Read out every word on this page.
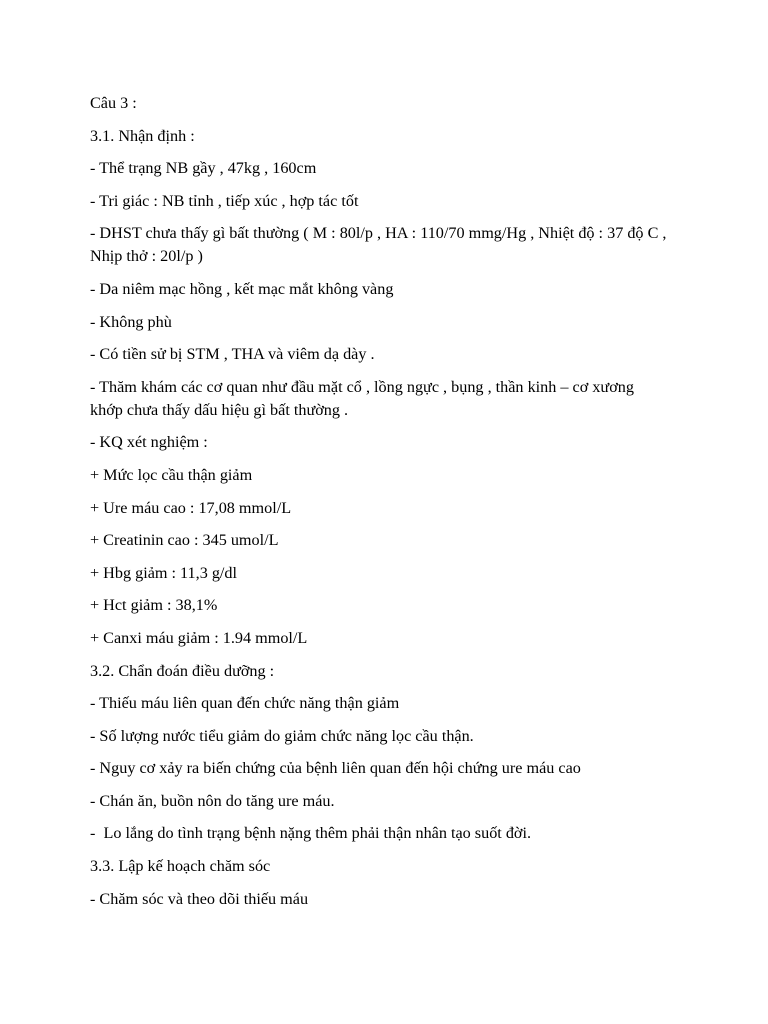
Câu 3 :

3.1. Nhận định :

- Thể trạng NB gầy , 47kg , 160cm

- Tri giác : NB tỉnh , tiếp xúc , hợp tác tốt

- DHST chưa thấy gì bất thường ( M : 80l/p , HA : 110/70 mmg/Hg , Nhiệt độ : 37 độ C , Nhịp thở : 20l/p )

- Da niêm mạc hồng , kết mạc mắt không vàng

- Không phù

- Có tiền sử bị STM , THA và viêm dạ dày .

- Thăm khám các cơ quan như đầu mặt cổ , lồng ngực , bụng , thần kinh – cơ xương khớp chưa thấy dấu hiệu gì bất thường .

- KQ xét nghiệm :

+ Mức lọc cầu thận giảm

+ Ure máu cao : 17,08 mmol/L

+ Creatinin cao : 345 umol/L

+ Hbg giảm : 11,3 g/dl

+ Hct giảm : 38,1%

+ Canxi máu giảm : 1.94 mmol/L

3.2. Chẩn đoán điều dưỡng :

- Thiếu máu liên quan đến chức năng thận giảm

- Số lượng nước tiểu giảm do giảm chức năng lọc cầu thận.

- Nguy cơ xảy ra biến chứng của bệnh liên quan đến hội chứng ure máu cao

- Chán ăn, buồn nôn do tăng ure máu.

-  Lo lắng do tình trạng bệnh nặng thêm phải thận nhân tạo suốt đời.

3.3. Lập kế hoạch chăm sóc

- Chăm sóc và theo dõi thiếu máu
